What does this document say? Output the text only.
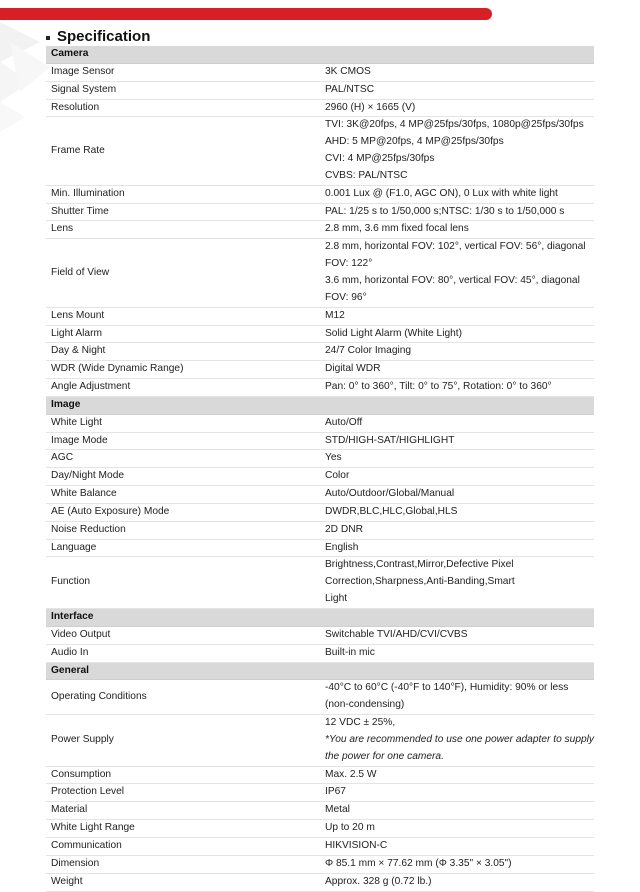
Specification
Camera	
Image Sensor	3K CMOS

Signal System	PAL/NTSC

Resolution	2960 (H) × 1665 (V)

Frame Rate	TVI: 3K@20fps, 4 MP@25fps/30fps, 1080p@25fps/30fps
AHD: 5 MP@20fps, 4 MP@25fps/30fps
CVI: 4 MP@25fps/30fps
CVBS: PAL/NTSC

Min. Illumination	0.001 Lux @ (F1.0, AGC ON), 0 Lux with white light

Shutter Time	PAL: 1/25 s to 1/50,000 s;NTSC: 1/30 s to 1/50,000 s

Lens	2.8 mm, 3.6 mm fixed focal lens

Field of View	2.8 mm, horizontal FOV: 102°, vertical FOV: 56°, diagonal FOV: 122°
3.6 mm, horizontal FOV: 80°, vertical FOV: 45°, diagonal FOV: 96°

Lens Mount	M12

Light Alarm	Solid Light Alarm (White Light)

Day & Night	24/7 Color Imaging

WDR (Wide Dynamic Range)	Digital WDR

Angle Adjustment	Pan: 0° to 360°, Tilt: 0° to 75°, Rotation: 0° to 360°

Image	
White Light	Auto/Off

Image Mode	STD/HIGH-SAT/HIGHLIGHT

AGC	Yes

Day/Night Mode	Color

White Balance	Auto/Outdoor/Global/Manual

AE (Auto Exposure) Mode	DWDR,BLC,HLC,Global,HLS

Noise Reduction	2D DNR

Language	English

Function	Brightness,Contrast,Mirror,Defective Pixel Correction,Sharpness,Anti-Banding,Smart
Light

Interface	
Video Output	Switchable TVI/AHD/CVI/CVBS

Audio In	Built-in mic

General	
Operating Conditions	-40°C to 60°C (-40°F to 140°F), Humidity: 90% or less (non-condensing)

Power Supply	12 VDC ± 25%,
*You are recommended to use one power adapter to supply the power for one camera.

Consumption	Max. 2.5 W

Protection Level	IP67

Material	Metal

White Light Range	Up to 20 m

Communication	HIKVISION-C

Dimension	Φ 85.1 mm × 77.62 mm (Φ 3.35" × 3.05")

Weight	Approx. 328 g (0.72 lb.)
